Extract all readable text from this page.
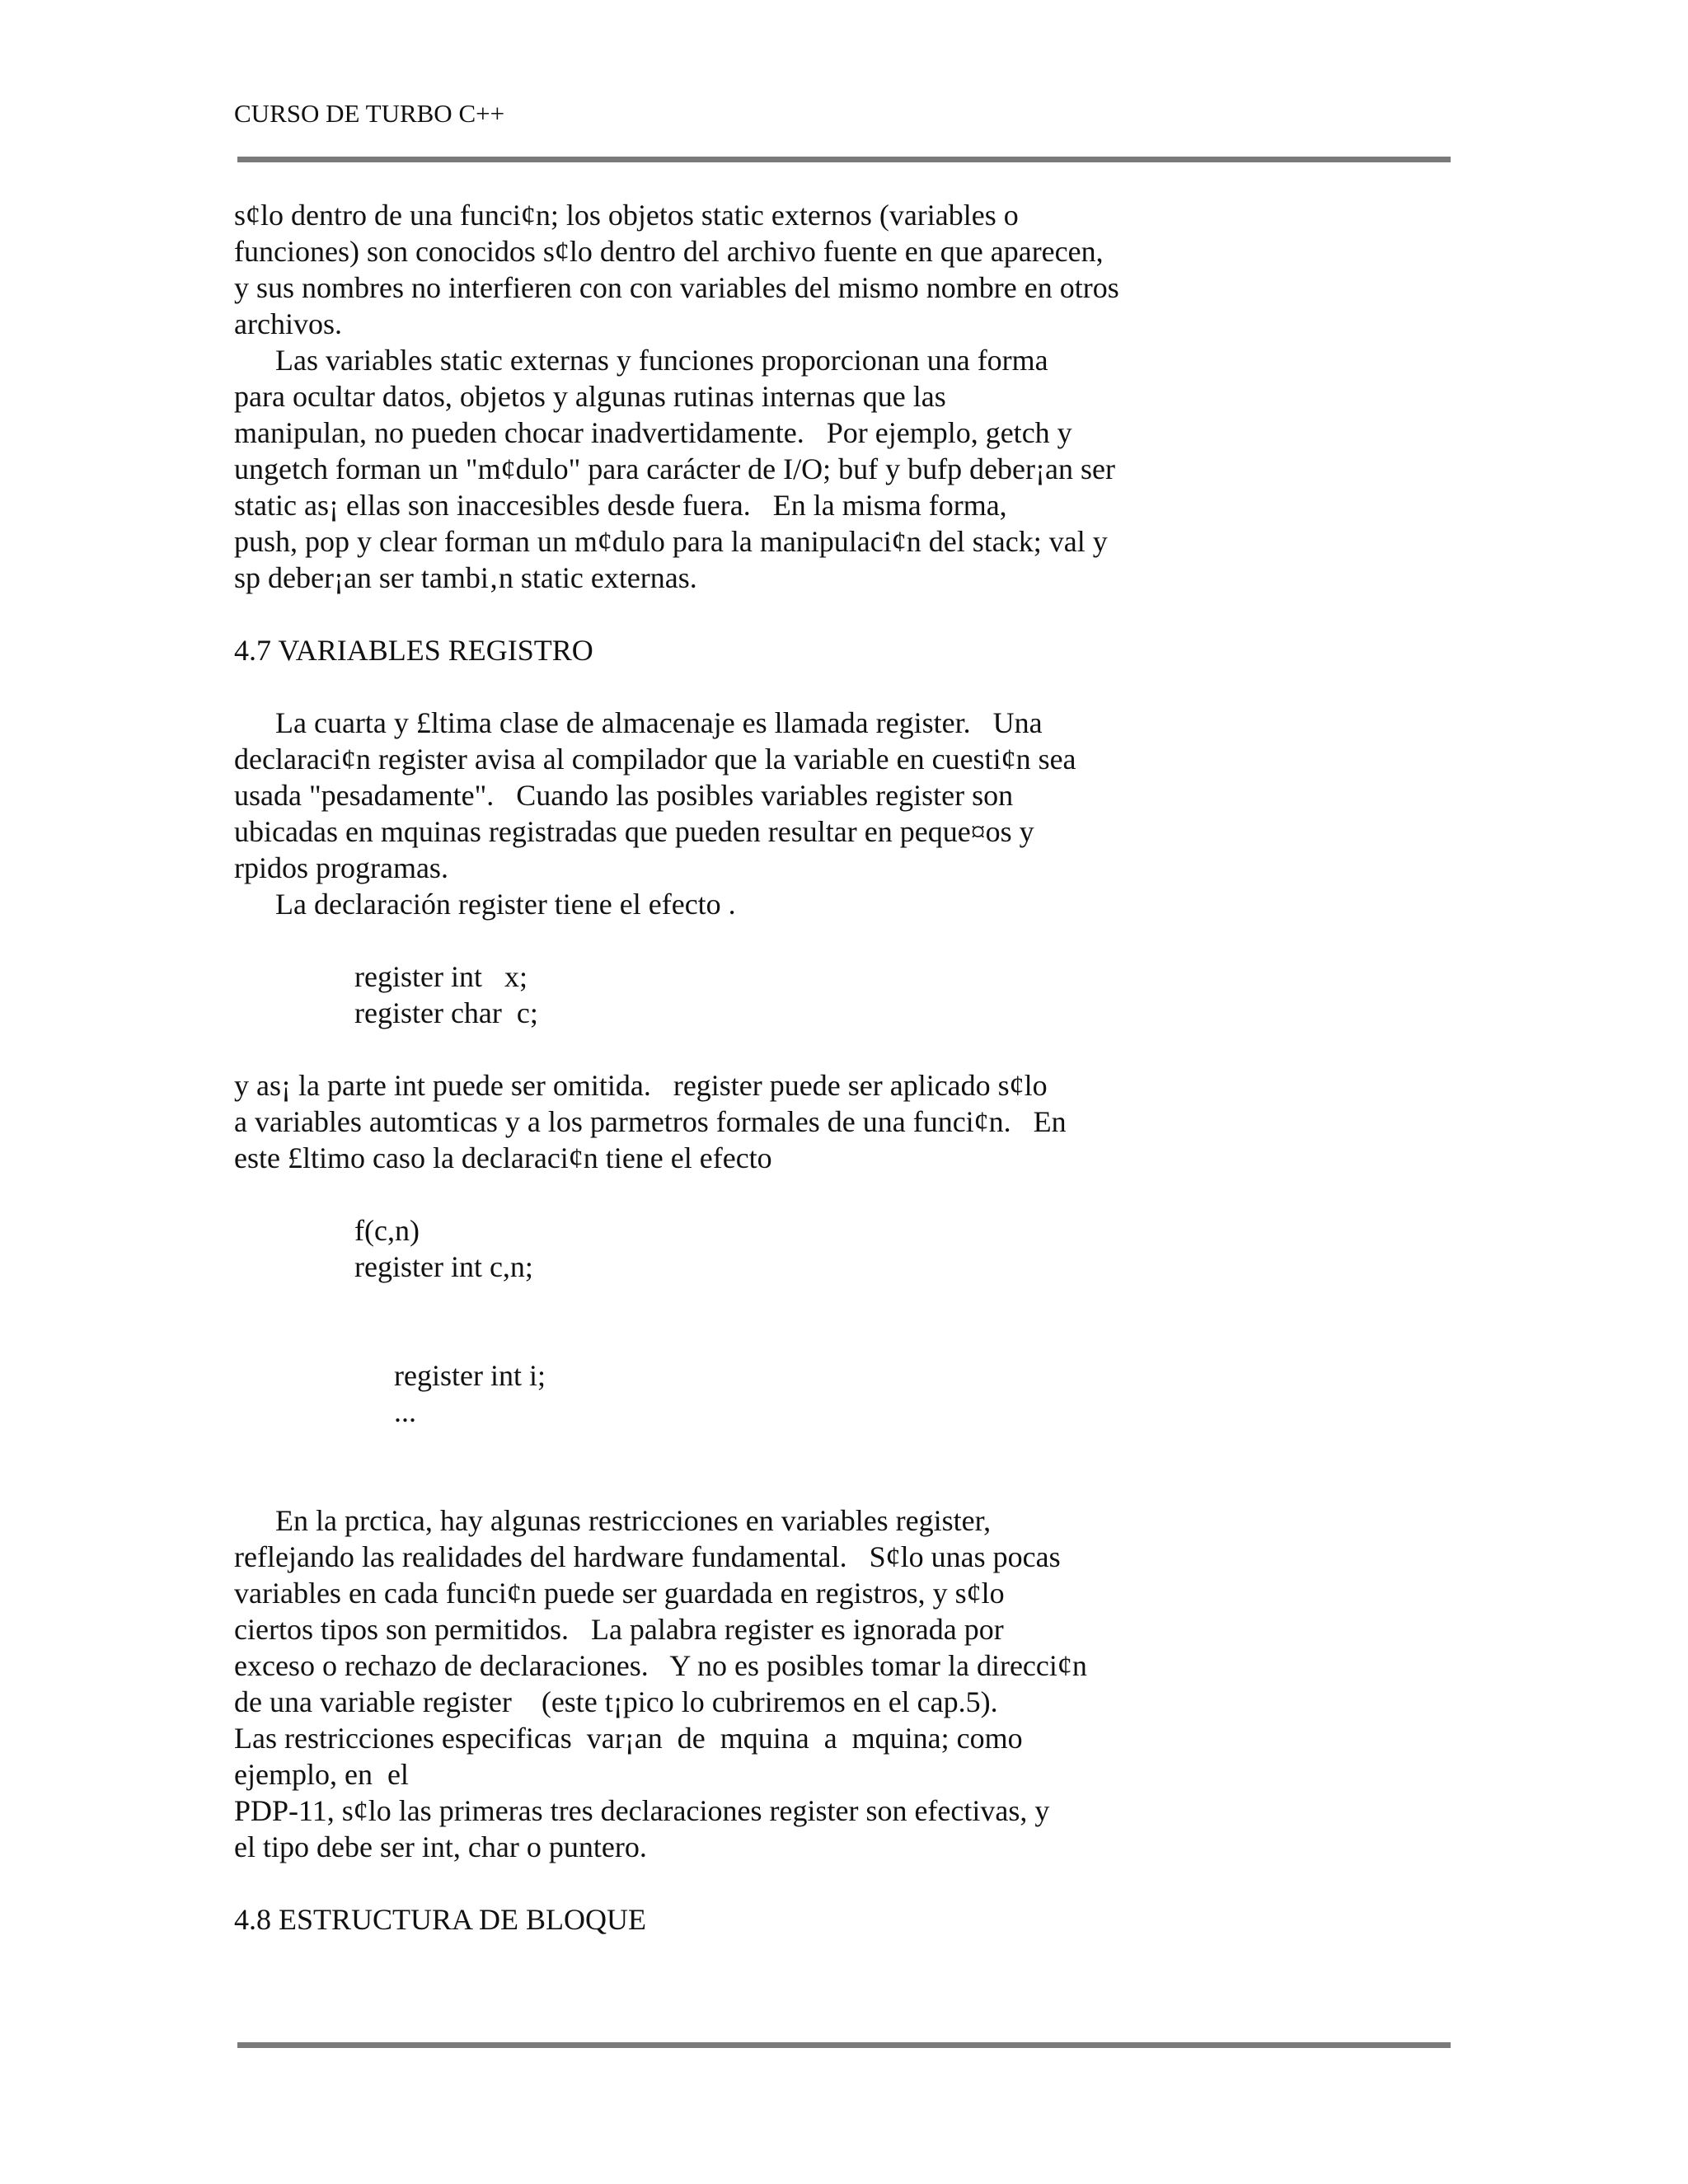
CURSO DE TURBO C++
s¢lo dentro de una funci¢n; los objetos static externos (variables o
funciones) son conocidos s¢lo dentro del archivo fuente en que aparecen,
y sus nombres no interfieren con con variables del mismo nombre en otros
archivos.
Las variables static externas y funciones proporcionan una forma
para ocultar datos, objetos y algunas rutinas internas que las
manipulan, no pueden chocar inadvertidamente.   Por ejemplo, getch y
ungetch forman un "m¢dulo" para carácter de I/O; buf y bufp deber¡an ser
static as¡ ellas son inaccesibles desde fuera.   En la misma forma,
push, pop y clear forman un m¢dulo para la manipulaci¢n del stack; val y
sp deber¡an ser tambi‚n static externas.
4.7 VARIABLES REGISTRO
La cuarta y £ltima clase de almacenaje es llamada register.   Una
declaraci¢n register avisa al compilador que la variable en cuesti¢n sea
usada "pesadamente".   Cuando las posibles variables register son
ubicadas en mquinas registradas que pueden resultar en peque¤os y
rpidos programas.
La declaración register tiene el efecto .
register int   x;
register char  c;
y as¡ la parte int puede ser omitida.   register puede ser aplicado s¢lo
a variables automticas y a los parmetros formales de una funci¢n.   En
este £ltimo caso la declaraci¢n tiene el efecto
f(c,n)
register int c,n;
register int i;
...
En la prctica, hay algunas restricciones en variables register,
reflejando las realidades del hardware fundamental.   S¢lo unas pocas
variables en cada funci¢n puede ser guardada en registros, y s¢lo
ciertos tipos son permitidos.   La palabra register es ignorada por
exceso o rechazo de declaraciones.   Y no es posibles tomar la direcci¢n
de una variable register    (este t¡pico lo cubriremos en el cap.5).
Las restricciones especificas  var¡an  de  mquina  a  mquina; como
ejemplo, en  el
PDP-11, s¢lo las primeras tres declaraciones register son efectivas, y
el tipo debe ser int, char o puntero.
4.8 ESTRUCTURA DE BLOQUE
